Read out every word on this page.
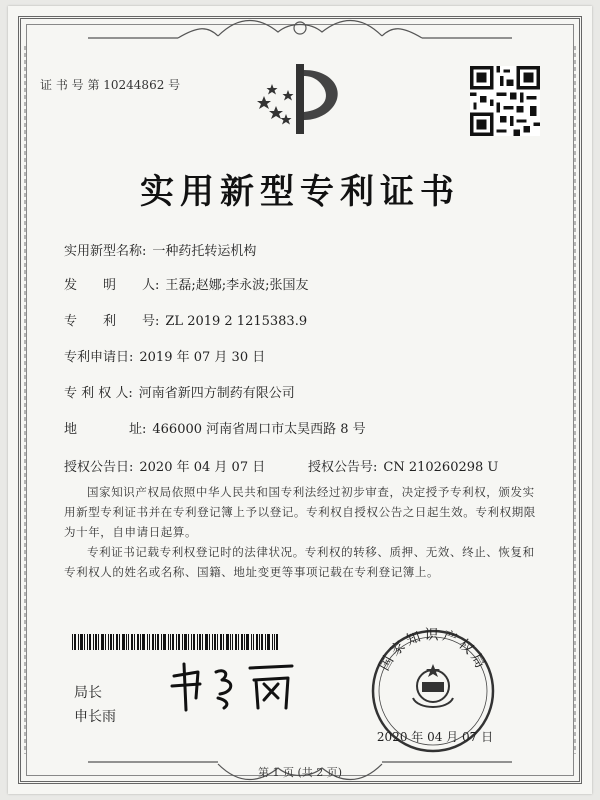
证 书 号 第 10244862 号
实用新型专利证书
实用新型名称: 一种药托转运机构
发　　明　　人: 王磊;赵娜;李永波;张国友
专　　利　　号: ZL 2019 2 1215383.9
专利申请日: 2019 年 07 月 30 日
专 利 权 人: 河南省新四方制药有限公司
地　　　　址: 466000 河南省周口市太昊西路 8 号
授权公告日: 2020 年 04 月 07 日	授权公告号: CN 210260298 U
国家知识产权局依照中华人民共和国专利法经过初步审查，决定授予专利权，颁发实用新型专利证书并在专利登记簿上予以登记。专利权自授权公告之日起生效。专利权期限为十年，自申请日起算。
专利证书记载专利权登记时的法律状况。专利权的转移、质押、无效、终止、恢复和专利权人的姓名或名称、国籍、地址变更等事项记载在专利登记簿上。
局长
申长雨
国家知识产权局
2020 年 04 月 07 日
第 1 页 (共 2 页)
